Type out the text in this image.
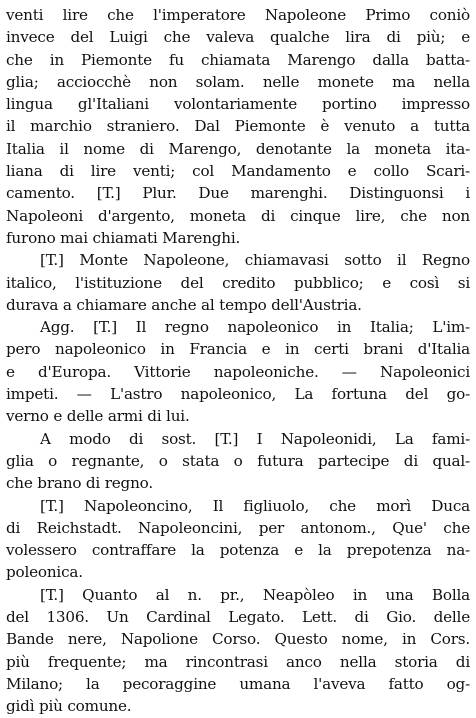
venti lire che l'imperatore Napoleone Primo coniò
invece del Luigi che valeva qualche lira di più; e
che in Piemonte fu chiamata Marengo dalla batta-
glia; acciocchè non solam. nelle monete ma nella
lingua gl'Italiani volontariamente portino impresso
il marchio straniero. Dal Piemonte è venuto a tutta
Italia il nome di Marengo, denotante la moneta ita-
liana di lire venti; col Mandamento e collo Scari-
camento. [T.] Plur. Due marenghi. Distinguonsi i
Napoleoni d'argento, moneta di cinque lire, che non
furono mai chiamati Marenghi.
[T.] Monte Napoleone, chiamavasi sotto il Regno
italico, l'istituzione del credito pubblico; e così si
durava a chiamare anche al tempo dell'Austria.
Agg. [T.] Il regno napoleonico in Italia; L'im-
pero napoleonico in Francia e in certi brani d'Italia
e d'Europa. Vittorie napoleoniche. — Napoleonici
impeti. — L'astro napoleonico, La fortuna del go-
verno e delle armi di lui.
A modo di sost. [T.] I Napoleonidi, La fami-
glia o regnante, o stata o futura partecipe di qual-
che brano di regno.
[T.] Napoleoncino, Il figliuolo, che morì Duca
di Reichstadt. Napoleoncini, per antonom., Que' che
volessero contraffare la potenza e la prepotenza na-
poleonica.
[T.] Quanto al n. pr., Neapòleo in una Bolla
del 1306. Un Cardinal Legato. Lett. di Gio. delle
Bande nere, Napolione Corso. Questo nome, in Cors.
più frequente; ma rincontrasi anco nella storia di
Milano; la pecoraggine umana l'aveva fatto og-
gidì più comune.
